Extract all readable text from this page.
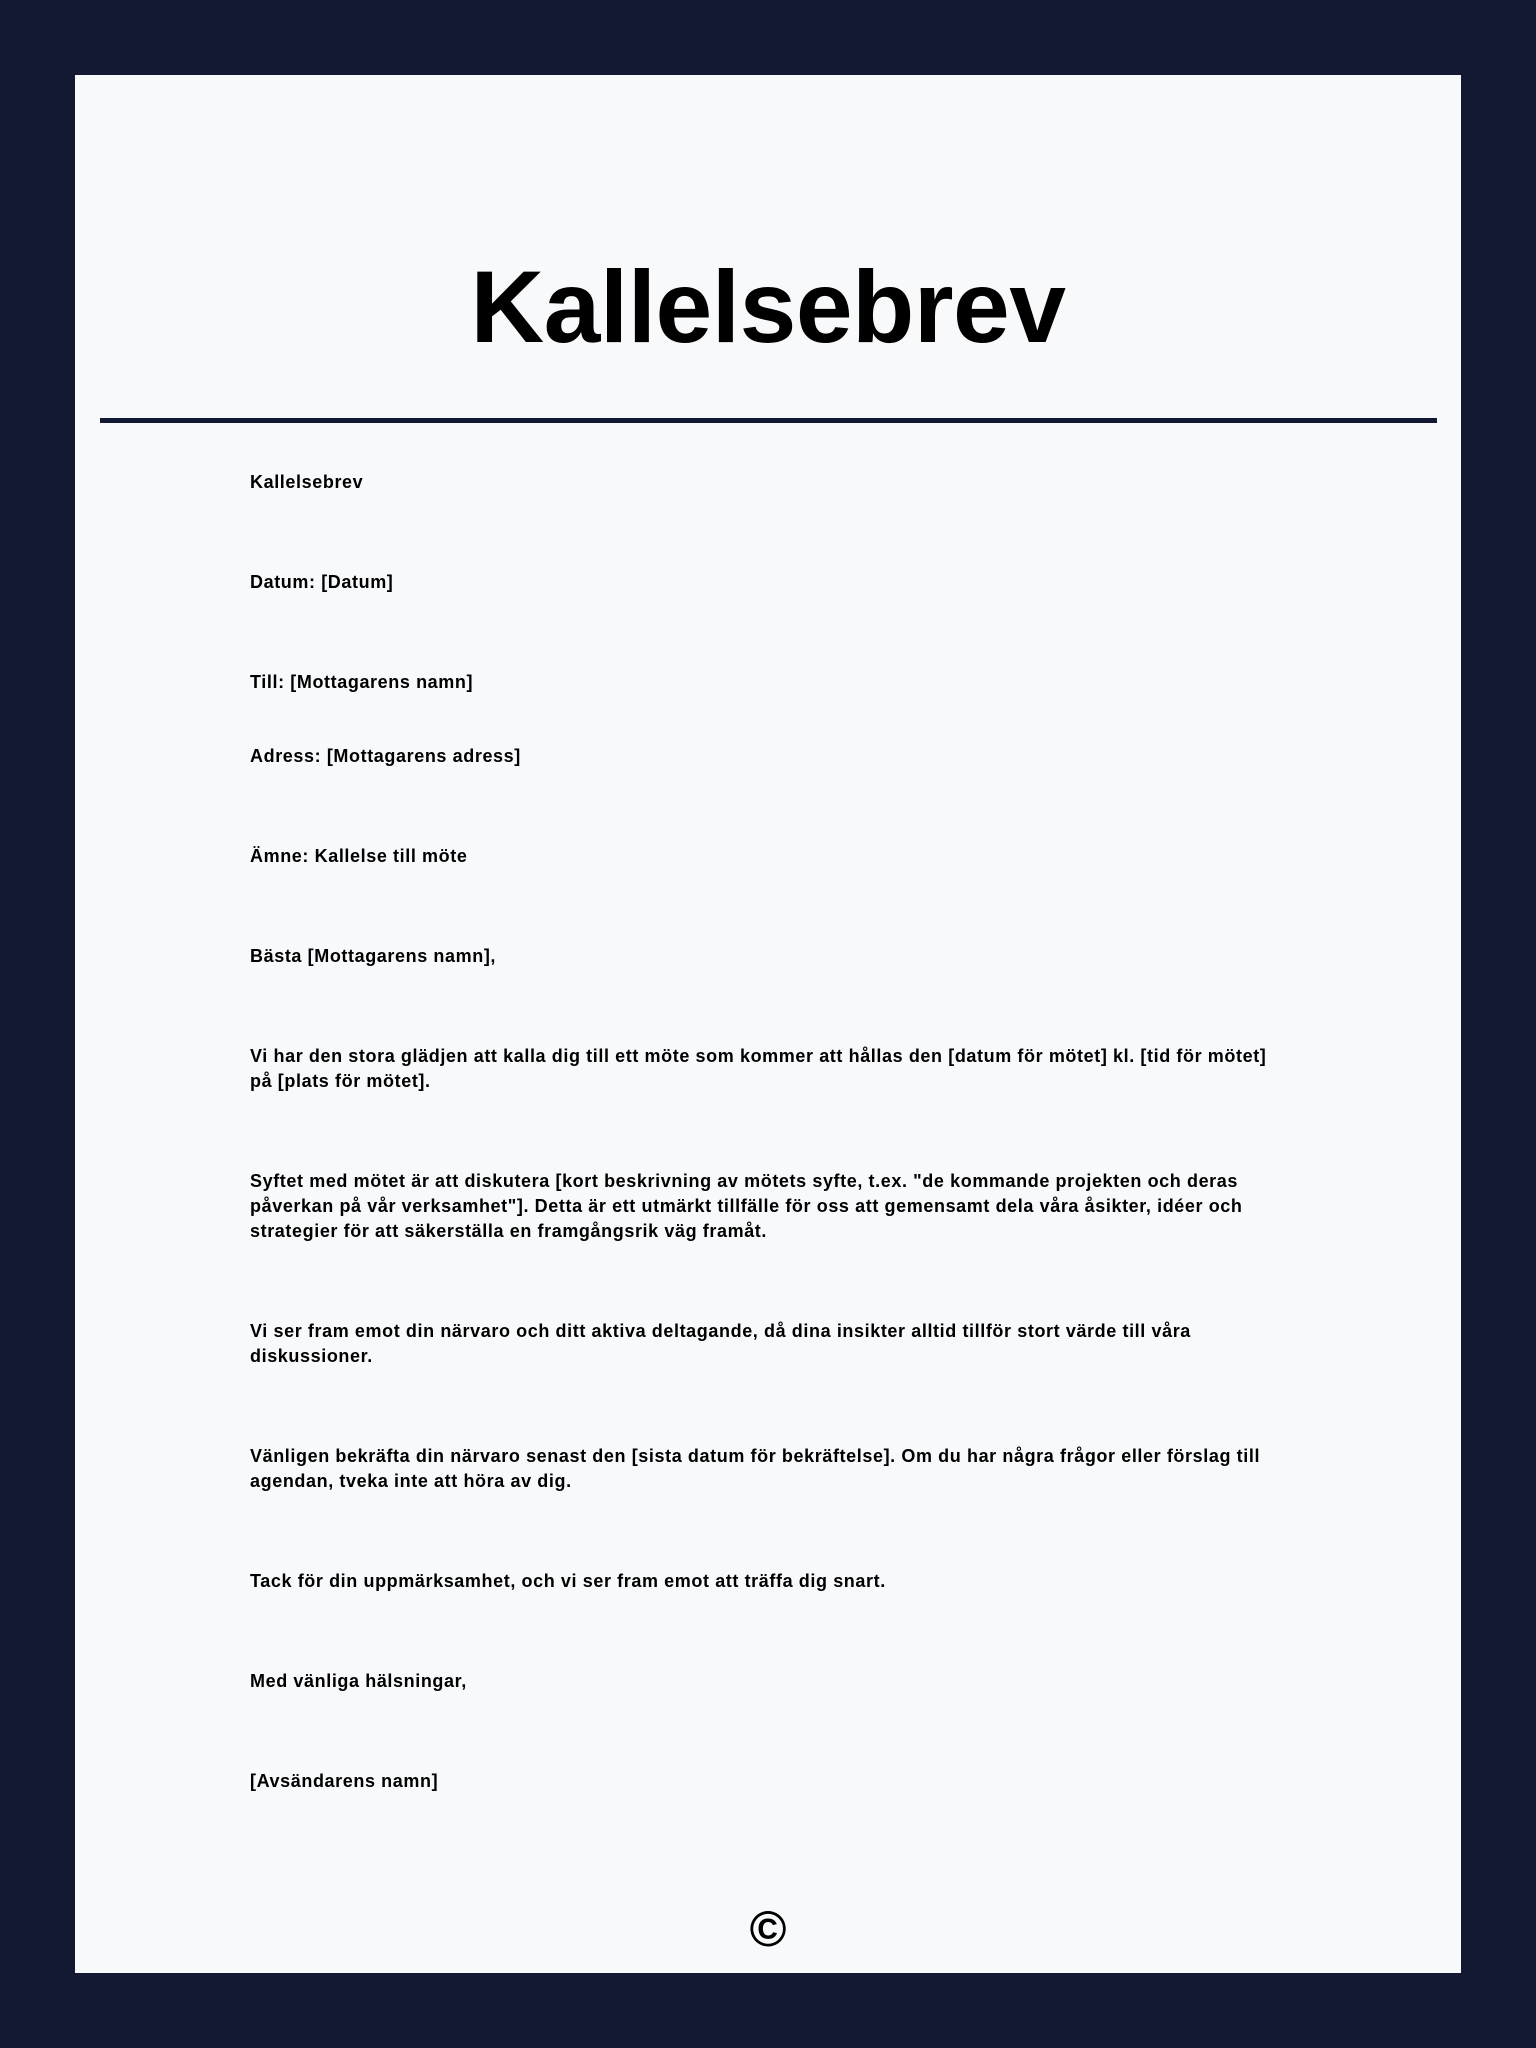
Kallelsebrev

Kallelsebrev

Datum: [Datum]

Till: [Mottagarens namn]

Adress: [Mottagarens adress]

Ämne: Kallelse till möte

Bästa [Mottagarens namn],

Vi har den stora glädjen att kalla dig till ett möte som kommer att hållas den [datum för mötet] kl. [tid för mötet] på [plats för mötet].

Syftet med mötet är att diskutera [kort beskrivning av mötets syfte, t.ex. "de kommande projekten och deras påverkan på vår verksamhet"]. Detta är ett utmärkt tillfälle för oss att gemensamt dela våra åsikter, idéer och strategier för att säkerställa en framgångsrik väg framåt.

Vi ser fram emot din närvaro och ditt aktiva deltagande, då dina insikter alltid tillför stort värde till våra diskussioner.

Vänligen bekräfta din närvaro senast den [sista datum för bekräftelse]. Om du har några frågor eller förslag till agendan, tveka inte att höra av dig.

Tack för din uppmärksamhet, och vi ser fram emot att träffa dig snart.

Med vänliga hälsningar,

[Avsändarens namn]

©
